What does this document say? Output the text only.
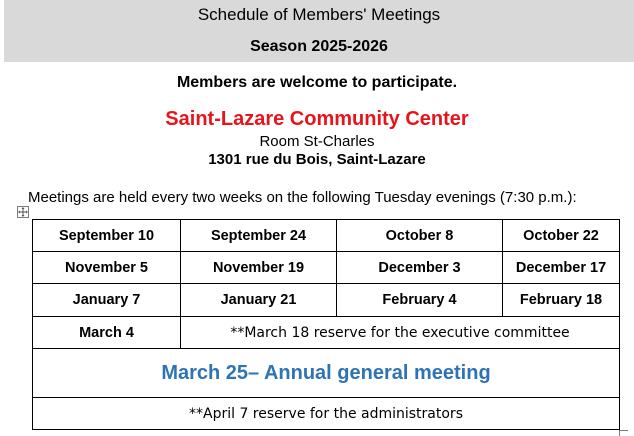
Schedule of Members' Meetings
Season 2025-2026
Members are welcome to participate.
Saint-Lazare Community Center
Room St-Charles
1301 rue du Bois, Saint-Lazare
Meetings are held every two weeks on the following Tuesday evenings (7:30 p.m.):
September 10	September 24	October 8	October 22
November 5	November 19	December 3	December 17
January 7	January 21	February 4	February 18
March 4	**March 18 reserve for the executive committee		
March 25– Annual general meeting			
**April 7 reserve for the administrators			
